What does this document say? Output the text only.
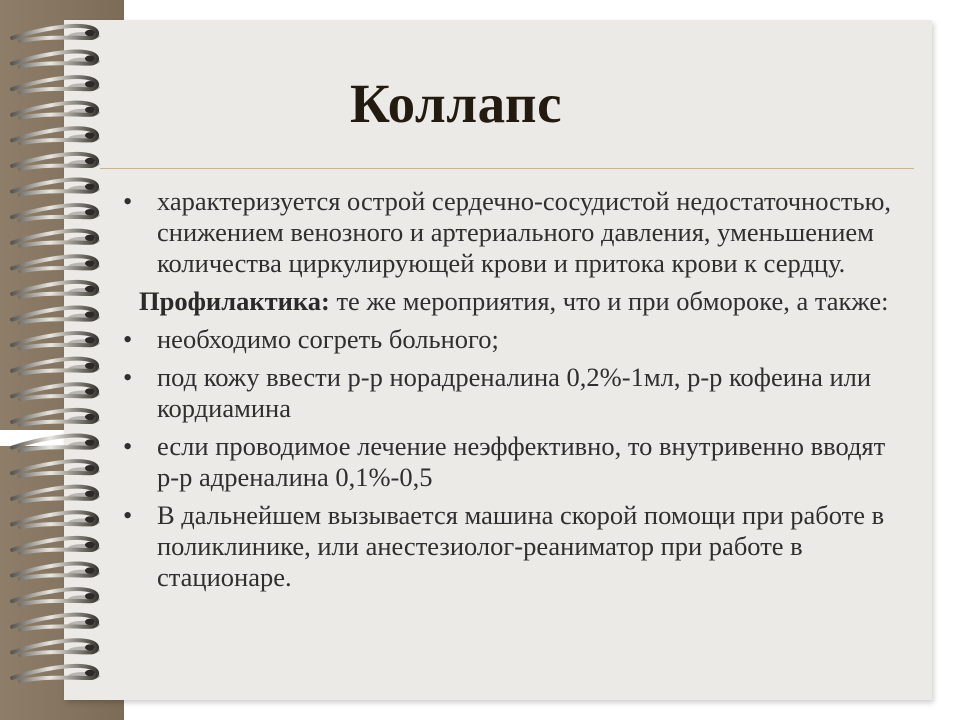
Коллапс
• характеризуется острой сердечно-сосудистой недостаточностью, снижением венозного и артериального давления, уменьшением количества циркулирующей крови и притока крови к сердцу.
Профилактика: те же мероприятия, что и при обмороке, а также:
• необходимо согреть больного;
• под кожу ввести р-р норадреналина 0,2%-1мл, р-р кофеина или кордиамина
• если проводимое лечение неэффективно, то внутривенно вводят р-р адреналина 0,1%-0,5
• В дальнейшем вызывается машина скорой помощи при работе в поликлинике, или анестезиолог-реаниматор при работе в стационаре.
